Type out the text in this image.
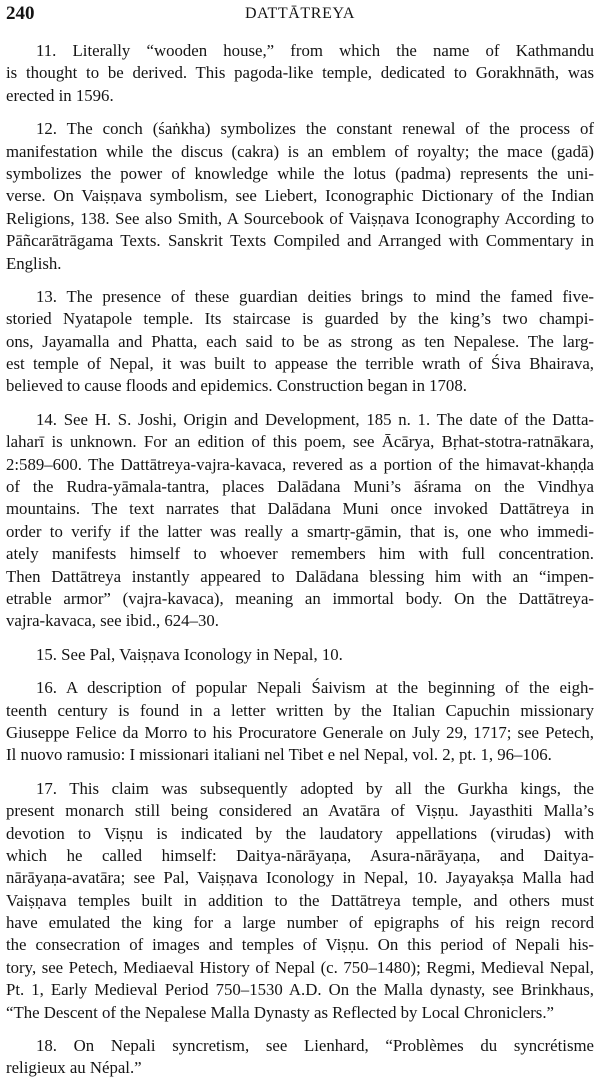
240	DATTĀTREYA
11. Literally “wooden house,” from which the name of Kathmandu
is thought to be derived. This pagoda-like temple, dedicated to Gorakhnāth, was
erected in 1596.
12. The conch (śaṅkha) symbolizes the constant renewal of the process of
manifestation while the discus (cakra) is an emblem of royalty; the mace (gadā)
symbolizes the power of knowledge while the lotus (padma) represents the uni-
verse. On Vaiṣṇava symbolism, see Liebert, Iconographic Dictionary of the Indian
Religions, 138. See also Smith, A Sourcebook of Vaiṣṇava Iconography According to
Pāñcarātrāgama Texts. Sanskrit Texts Compiled and Arranged with Commentary in
English.
13. The presence of these guardian deities brings to mind the famed five-
storied Nyatapole temple. Its staircase is guarded by the king’s two champi-
ons, Jayamalla and Phatta, each said to be as strong as ten Nepalese. The larg-
est temple of Nepal, it was built to appease the terrible wrath of Śiva Bhairava,
believed to cause floods and epidemics. Construction began in 1708.
14. See H. S. Joshi, Origin and Development, 185 n. 1. The date of the Datta-
laharī is unknown. For an edition of this poem, see Ācārya, Bṛhat-stotra-ratnākara,
2:589–600. The Dattātreya-vajra-kavaca, revered as a portion of the himavat-khaṇḍa
of the Rudra-yāmala-tantra, places Dalādana Muni’s āśrama on the Vindhya
mountains. The text narrates that Dalādana Muni once invoked Dattātreya in
order to verify if the latter was really a smartṛ-gāmin, that is, one who immedi-
ately manifests himself to whoever remembers him with full concentration.
Then Dattātreya instantly appeared to Dalādana blessing him with an “impen-
etrable armor” (vajra-kavaca), meaning an immortal body. On the Dattātreya-
vajra-kavaca, see ibid., 624–30.
15. See Pal, Vaiṣṇava Iconology in Nepal, 10.
16. A description of popular Nepali Śaivism at the beginning of the eigh-
teenth century is found in a letter written by the Italian Capuchin missionary
Giuseppe Felice da Morro to his Procuratore Generale on July 29, 1717; see Petech,
Il nuovo ramusio: I missionari italiani nel Tibet e nel Nepal, vol. 2, pt. 1, 96–106.
17. This claim was subsequently adopted by all the Gurkha kings, the
present monarch still being considered an Avatāra of Viṣṇu. Jayasthiti Malla’s
devotion to Viṣṇu is indicated by the laudatory appellations (virudas) with
which he called himself: Daitya-nārāyaṇa, Asura-nārāyaṇa, and Daitya-
nārāyaṇa-avatāra; see Pal, Vaiṣṇava Iconology in Nepal, 10. Jayayakṣa Malla had
Vaiṣṇava temples built in addition to the Dattātreya temple, and others must
have emulated the king for a large number of epigraphs of his reign record
the consecration of images and temples of Viṣṇu. On this period of Nepali his-
tory, see Petech, Mediaeval History of Nepal (c. 750–1480); Regmi, Medieval Nepal,
Pt. 1, Early Medieval Period 750–1530 A.D. On the Malla dynasty, see Brinkhaus,
“The Descent of the Nepalese Malla Dynasty as Reflected by Local Chroniclers.”
18. On Nepali syncretism, see Lienhard, “Problèmes du syncrétisme
religieux au Népal.”
